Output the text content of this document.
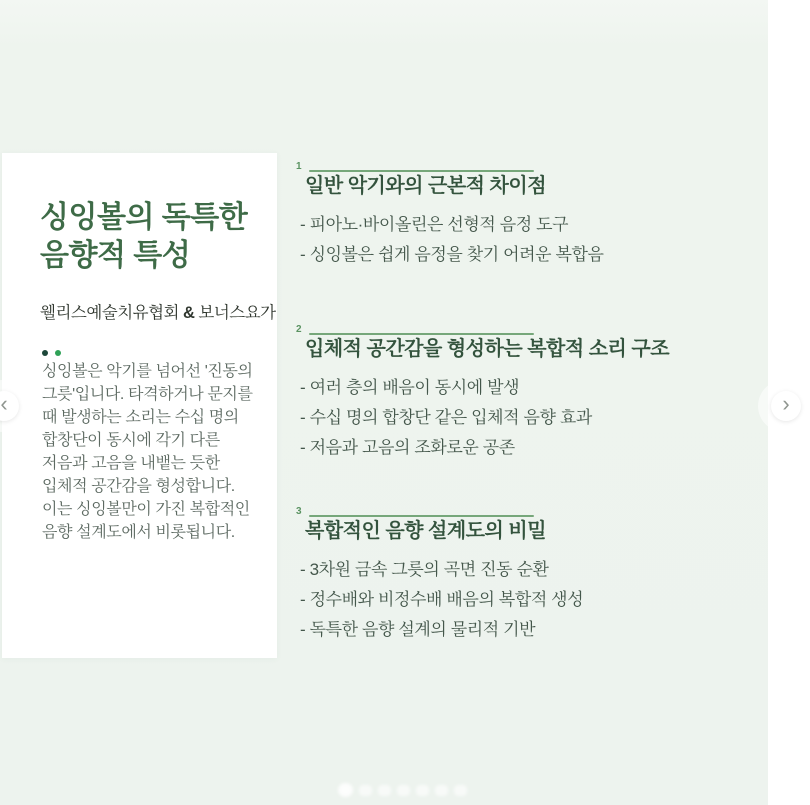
싱잉볼의 독특한
음향적 특성
웰리스예술치유협회 & 보너스요가

싱잉볼은 악기를 넘어선 '진동의 그릇'입니다. 타격하거나 문지를 때 발생하는 소리는 수십 명의 합창단이 동시에 각기 다른 저음과 고음을 내뱉는 듯한 입체적 공간감을 형성합니다. 이는 싱잉볼만이 가진 복합적인 음향 설계도에서 비롯됩니다.

1
일반 악기와의 근본적 차이점
- 피아노·바이올린은 선형적 음정 도구
- 싱잉볼은 쉽게 음정을 찾기 어려운 복합음
2
입체적 공간감을 형성하는 복합적 소리 구조
- 여러 층의 배음이 동시에 발생
- 수십 명의 합창단 같은 입체적 음향 효과
- 저음과 고음의 조화로운 공존
3
복합적인 음향 설계도의 비밀
- 3차원 금속 그릇의 곡면 진동 순환
- 정수배와 비정수배 배음의 복합적 생성
- 독특한 음향 설계의 물리적 기반
‹	›
